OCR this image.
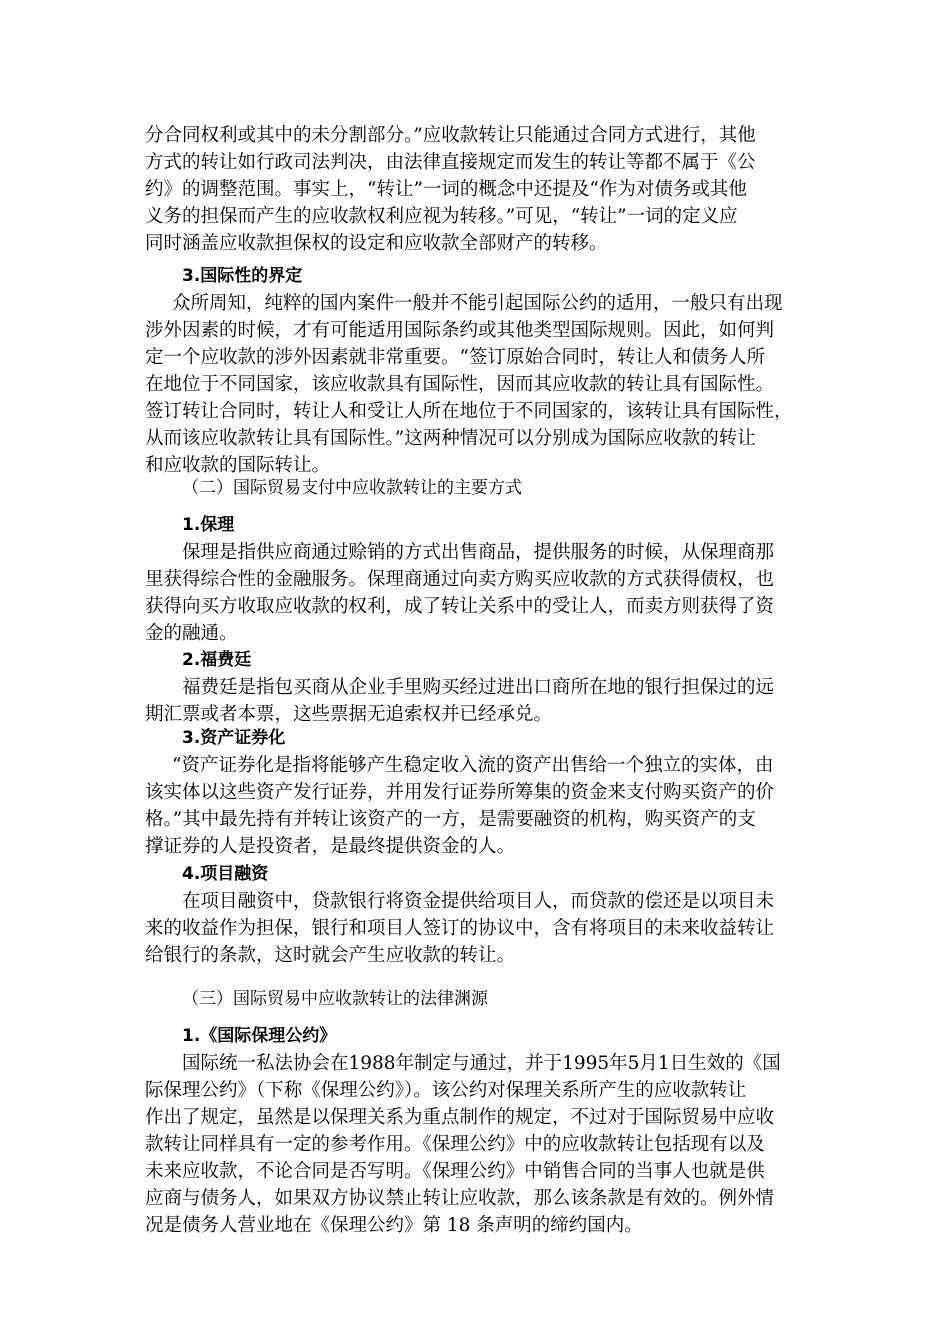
分合同权利或其中的未分割部分。”应收款转让只能通过合同方式进行，其他
方式的转让如行政司法判决，由法律直接规定而发生的转让等都不属于《公
约》的调整范围。事实上，“转让”一词的概念中还提及“作为对债务或其他
义务的担保而产生的应收款权利应视为转移。”可见，“转让”一词的定义应
同时涵盖应收款担保权的设定和应收款全部财产的转移。
3.国际性的界定
众所周知，纯粹的国内案件一般并不能引起国际公约的适用，一般只有出现
涉外因素的时候，才有可能适用国际条约或其他类型国际规则。因此，如何判
定一个应收款的涉外因素就非常重要。“签订原始合同时，转让人和债务人所
在地位于不同国家，该应收款具有国际性，因而其应收款的转让具有国际性。
签订转让合同时，转让人和受让人所在地位于不同国家的，该转让具有国际性，
从而该应收款转让具有国际性。”这两种情况可以分别成为国际应收款的转让
和应收款的国际转让。
（二）国际贸易支付中应收款转让的主要方式
1.保理
保理是指供应商通过赊销的方式出售商品，提供服务的时候，从保理商那
里获得综合性的金融服务。保理商通过向卖方购买应收款的方式获得债权，也
获得向买方收取应收款的权利，成了转让关系中的受让人，而卖方则获得了资
金的融通。
2.福费廷
福费廷是指包买商从企业手里购买经过进出口商所在地的银行担保过的远
期汇票或者本票，这些票据无追索权并已经承兑。
3.资产证券化
“资产证券化是指将能够产生稳定收入流的资产出售给一个独立的实体，由
该实体以这些资产发行证券，并用发行证券所筹集的资金来支付购买资产的价
格。”其中最先持有并转让该资产的一方，是需要融资的机构，购买资产的支
撑证券的人是投资者，是最终提供资金的人。
4.项目融资
在项目融资中，贷款银行将资金提供给项目人，而贷款的偿还是以项目未
来的收益作为担保，银行和项目人签订的协议中，含有将项目的未来收益转让
给银行的条款，这时就会产生应收款的转让。
（三）国际贸易中应收款转让的法律渊源
1.《国际保理公约》
国际统一私法协会在1988年制定与通过，并于1995年5月1日生效的《国
际保理公约》（下称《保理公约》）。该公约对保理关系所产生的应收款转让
作出了规定，虽然是以保理关系为重点制作的规定，不过对于国际贸易中应收
款转让同样具有一定的参考作用。《保理公约》中的应收款转让包括现有以及
未来应收款，不论合同是否写明。《保理公约》中销售合同的当事人也就是供
应商与债务人，如果双方协议禁止转让应收款，那么该条款是有效的。例外情
况是债务人营业地在《保理公约》第 18 条声明的缔约国内。
